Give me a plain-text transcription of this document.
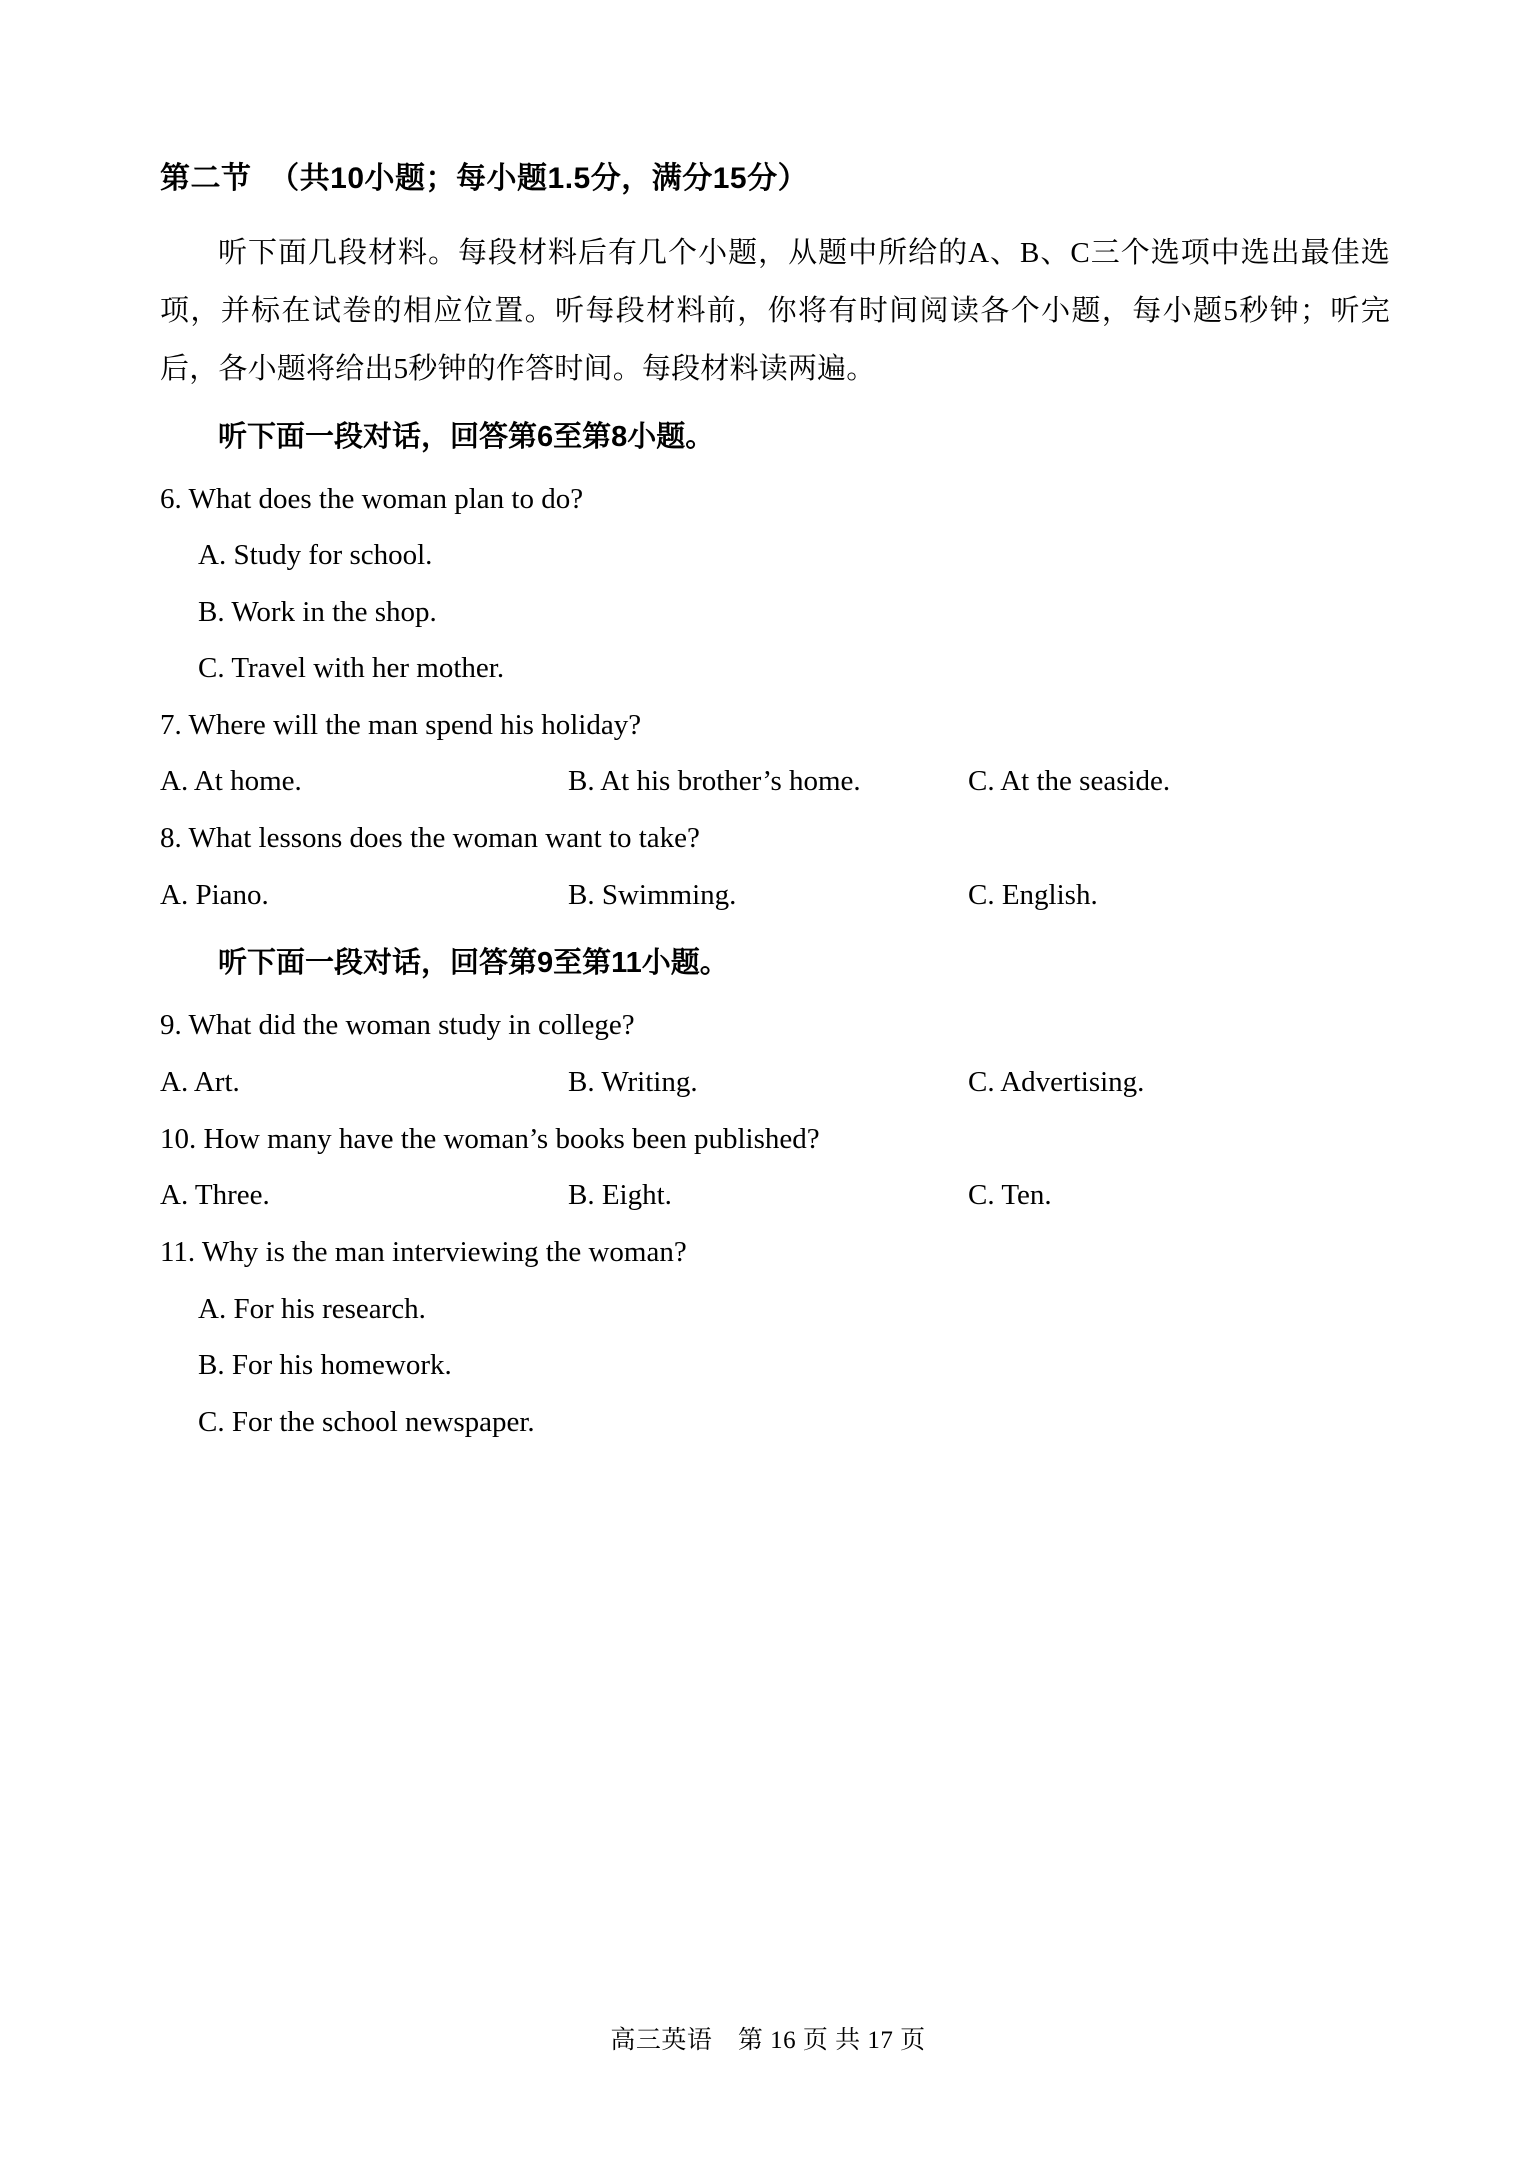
第二节  （共10小题；每小题1.5分，满分15分）

听下面几段材料。每段材料后有几个小题，从题中所给的A、B、C三个选项中选出最佳选项，并标在试卷的相应位置。听每段材料前，你将有时间阅读各个小题，每小题5秒钟；听完后，各小题将给出5秒钟的作答时间。每段材料读两遍。

听下面一段对话，回答第6至第8小题。

6. What does the woman plan to do?

A. Study for school.

B. Work in the shop.

C. Travel with her mother.

7. Where will the man spend his holiday?

A. At home.	B. At his brother’s home.	C. At the seaside.

8. What lessons does the woman want to take?

A. Piano.	B. Swimming.	C. English.
听下面一段对话，回答第9至第11小题。

9. What did the woman study in college?

A. Art.	B. Writing.	C. Advertising.

10. How many have the woman’s books been published?

A. Three.	B. Eight.	C. Ten.

11. Why is the man interviewing the woman?

A. For his research.

B. For his homework.

C. For the school newspaper.

高三英语　第 16 页 共 17 页
